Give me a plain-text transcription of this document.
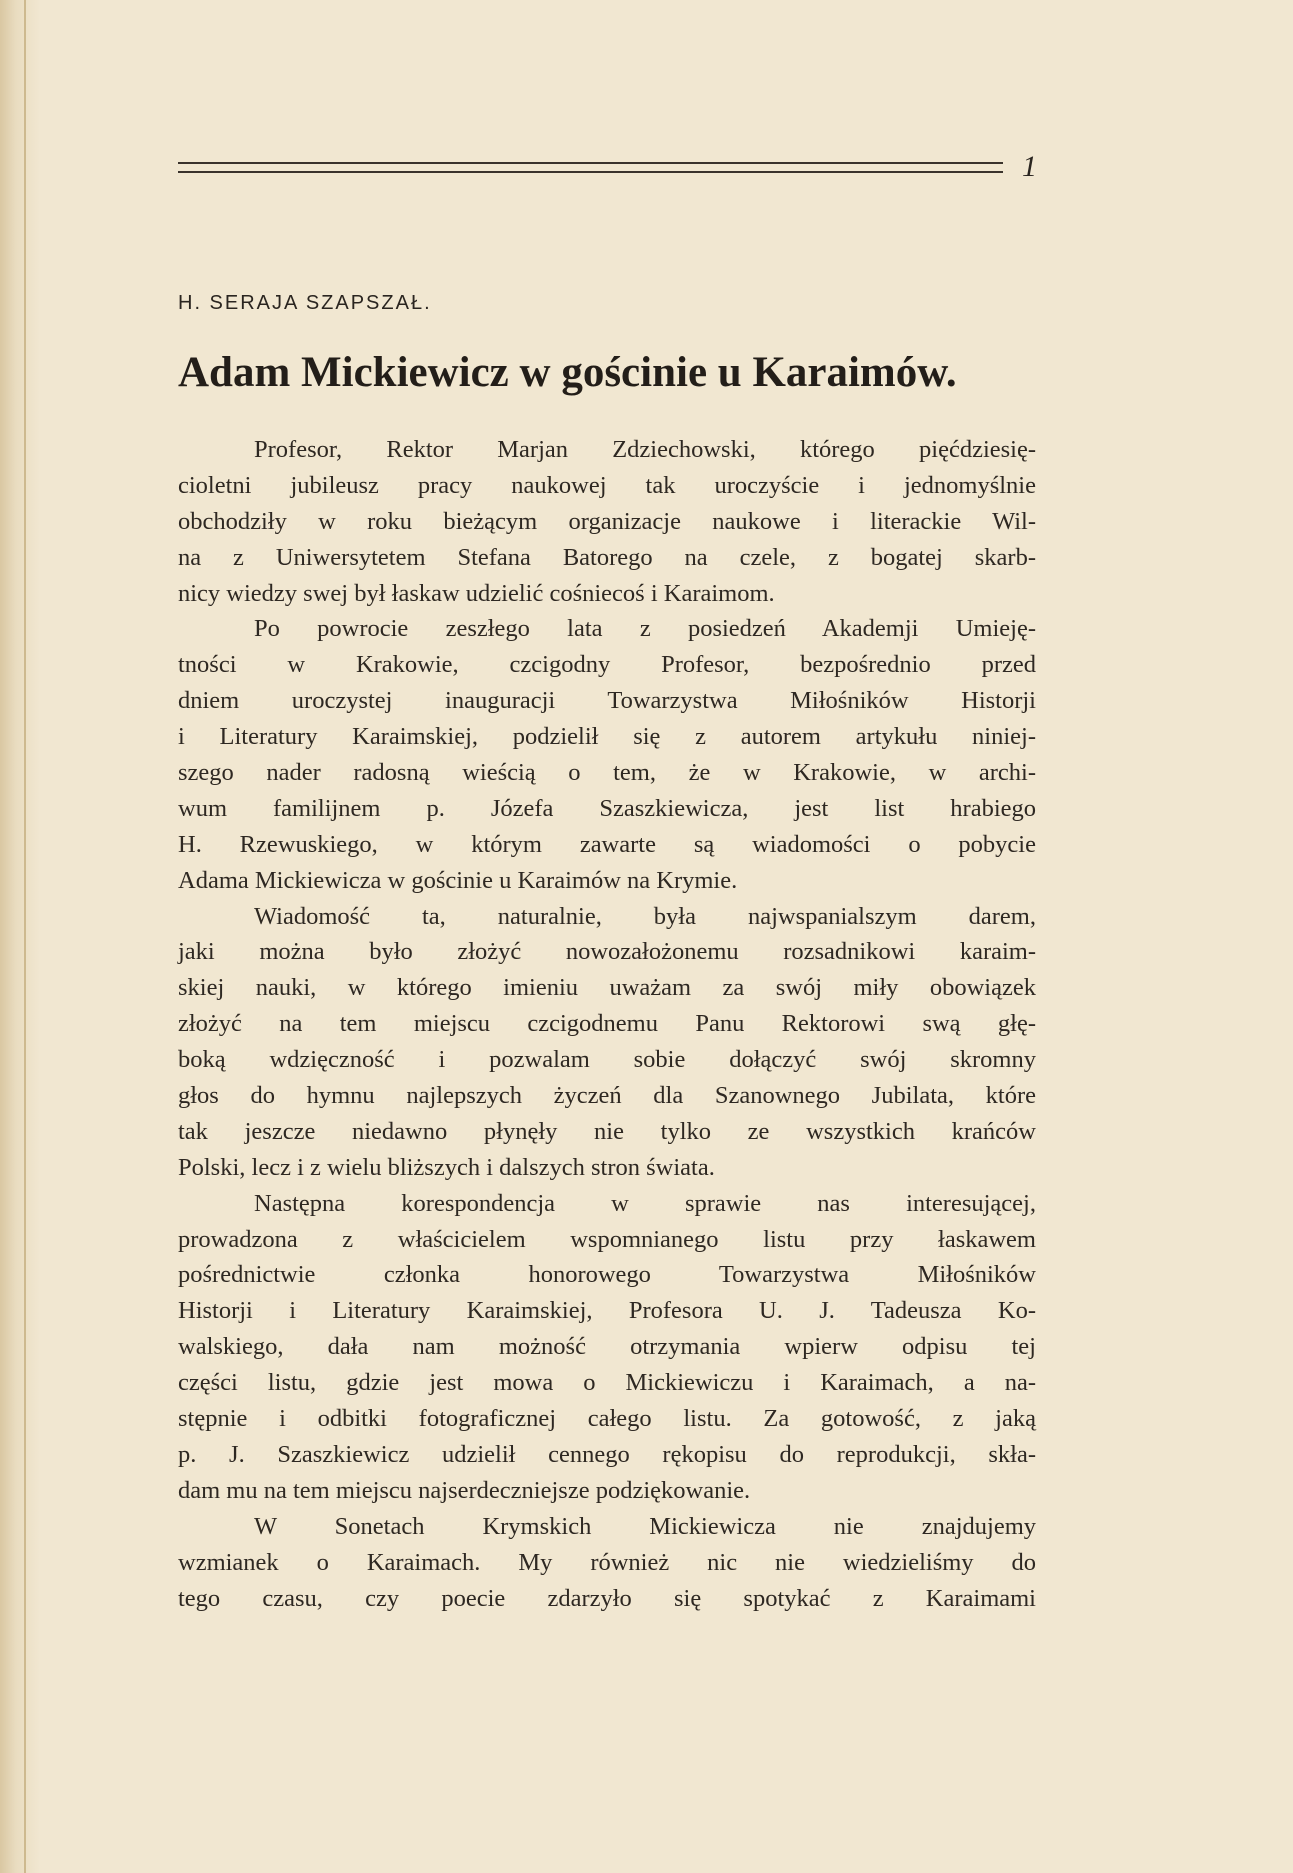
1
H. SERAJA SZAPSZAŁ.
Adam Mickiewicz w gościnie u Karaimów.
Profesor, Rektor Marjan Zdziechowski, którego pięćdziesię-
cioletni jubileusz pracy naukowej tak uroczyście i jednomyślnie
obchodziły w roku bieżącym organizacje naukowe i literackie Wil-
na z Uniwersytetem Stefana Batorego na czele, z bogatej skarb-
nicy wiedzy swej był łaskaw udzielić cośniecoś i Karaimom.
Po powrocie zeszłego lata z posiedzeń Akademji Umieję-
tności w Krakowie, czcigodny Profesor, bezpośrednio przed
dniem uroczystej inauguracji Towarzystwa Miłośników Historji
i Literatury Karaimskiej, podzielił się z autorem artykułu niniej-
szego nader radosną wieścią o tem, że w Krakowie, w archi-
wum familijnem p. Józefa Szaszkiewicza, jest list hrabiego
H. Rzewuskiego, w którym zawarte są wiadomości o pobycie
Adama Mickiewicza w gościnie u Karaimów na Krymie.
Wiadomość ta, naturalnie, była najwspanialszym darem,
jaki można było złożyć nowozałożonemu rozsadnikowi karaim-
skiej nauki, w którego imieniu uważam za swój miły obowiązek
złożyć na tem miejscu czcigodnemu Panu Rektorowi swą głę-
boką wdzięczność i pozwalam sobie dołączyć swój skromny
głos do hymnu najlepszych życzeń dla Szanownego Jubilata, które
tak jeszcze niedawno płynęły nie tylko ze wszystkich krańców
Polski, lecz i z wielu bliższych i dalszych stron świata.
Następna korespondencja w sprawie nas interesującej,
prowadzona z właścicielem wspomnianego listu przy łaskawem
pośrednictwie członka honorowego Towarzystwa Miłośników
Historji i Literatury Karaimskiej, Profesora U. J. Tadeusza Ko-
walskiego, dała nam możność otrzymania wpierw odpisu tej
części listu, gdzie jest mowa o Mickiewiczu i Karaimach, a na-
stępnie i odbitki fotograficznej całego listu. Za gotowość, z jaką
p. J. Szaszkiewicz udzielił cennego rękopisu do reprodukcji, skła-
dam mu na tem miejscu najserdeczniejsze podziękowanie.
W Sonetach Krymskich Mickiewicza nie znajdujemy
wzmianek o Karaimach. My również nic nie wiedzieliśmy do
tego czasu, czy poecie zdarzyło się spotykać z Karaimami
